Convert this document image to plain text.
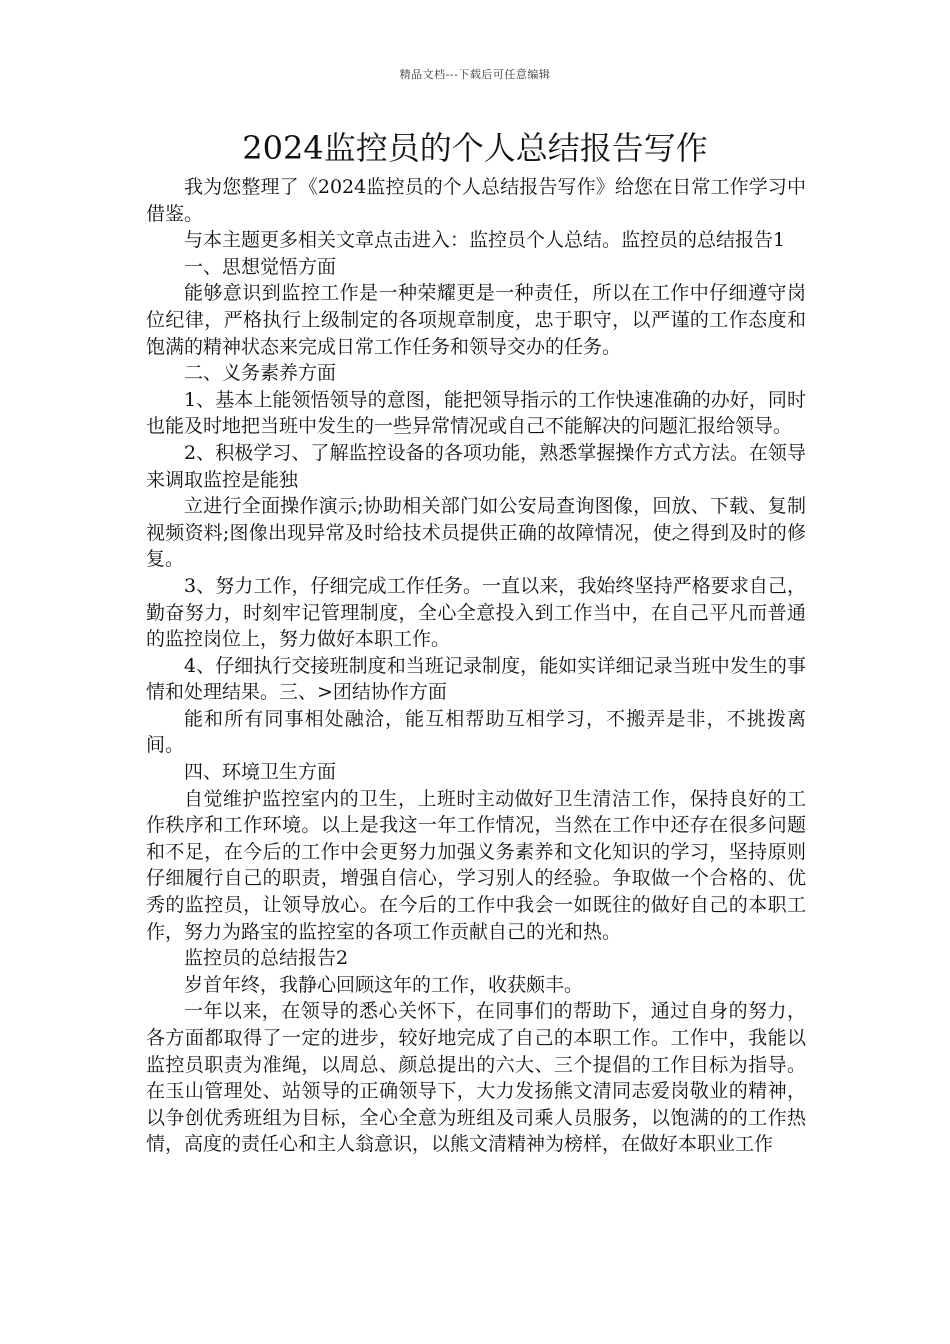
精品文档---下载后可任意编辑
2024监控员的个人总结报告写作

我为您整理了《2024监控员的个人总结报告写作》给您在日常工作学习中借鉴。

与本主题更多相关文章点击进入：监控员个人总结。监控员的总结报告1

一、思想觉悟方面

能够意识到监控工作是一种荣耀更是一种责任，所以在工作中仔细遵守岗位纪律，严格执行上级制定的各项规章制度，忠于职守，以严谨的工作态度和饱满的精神状态来完成日常工作任务和领导交办的任务。

二、义务素养方面

1、基本上能领悟领导的意图，能把领导指示的工作快速准确的办好，同时也能及时地把当班中发生的一些异常情况或自己不能解决的问题汇报给领导。

2、积极学习、了解监控设备的各项功能，熟悉掌握操作方式方法。在领导来调取监控是能独

立进行全面操作演示;协助相关部门如公安局查询图像，回放、下载、复制视频资料;图像出现异常及时给技术员提供正确的故障情况，使之得到及时的修复。

3、努力工作，仔细完成工作任务。一直以来，我始终坚持严格要求自己，勤奋努力，时刻牢记管理制度，全心全意投入到工作当中，在自己平凡而普通的监控岗位上，努力做好本职工作。

4、仔细执行交接班制度和当班记录制度，能如实详细记录当班中发生的事情和处理结果。三、>团结协作方面

能和所有同事相处融洽，能互相帮助互相学习，不搬弄是非，不挑拨离间。

四、环境卫生方面

自觉维护监控室内的卫生，上班时主动做好卫生清洁工作，保持良好的工作秩序和工作环境。以上是我这一年工作情况，当然在工作中还存在很多问题和不足，在今后的工作中会更努力加强义务素养和文化知识的学习，坚持原则仔细履行自己的职责，增强自信心，学习别人的经验。争取做一个合格的、优秀的监控员，让领导放心。在今后的工作中我会一如既往的做好自己的本职工作，努力为路宝的监控室的各项工作贡献自己的光和热。

监控员的总结报告2

岁首年终，我静心回顾这年的工作，收获颇丰。

一年以来，在领导的悉心关怀下，在同事们的帮助下，通过自身的努力，各方面都取得了一定的进步，较好地完成了自己的本职工作。工作中，我能以监控员职责为准绳，以周总、颜总提出的六大、三个提倡的工作目标为指导。在玉山管理处、站领导的正确领导下，大力发扬熊文清同志爱岗敬业的精神，以争创优秀班组为目标，全心全意为班组及司乘人员服务，以饱满的的工作热情，高度的责任心和主人翁意识，以熊文清精神为榜样，在做好本职业工作
